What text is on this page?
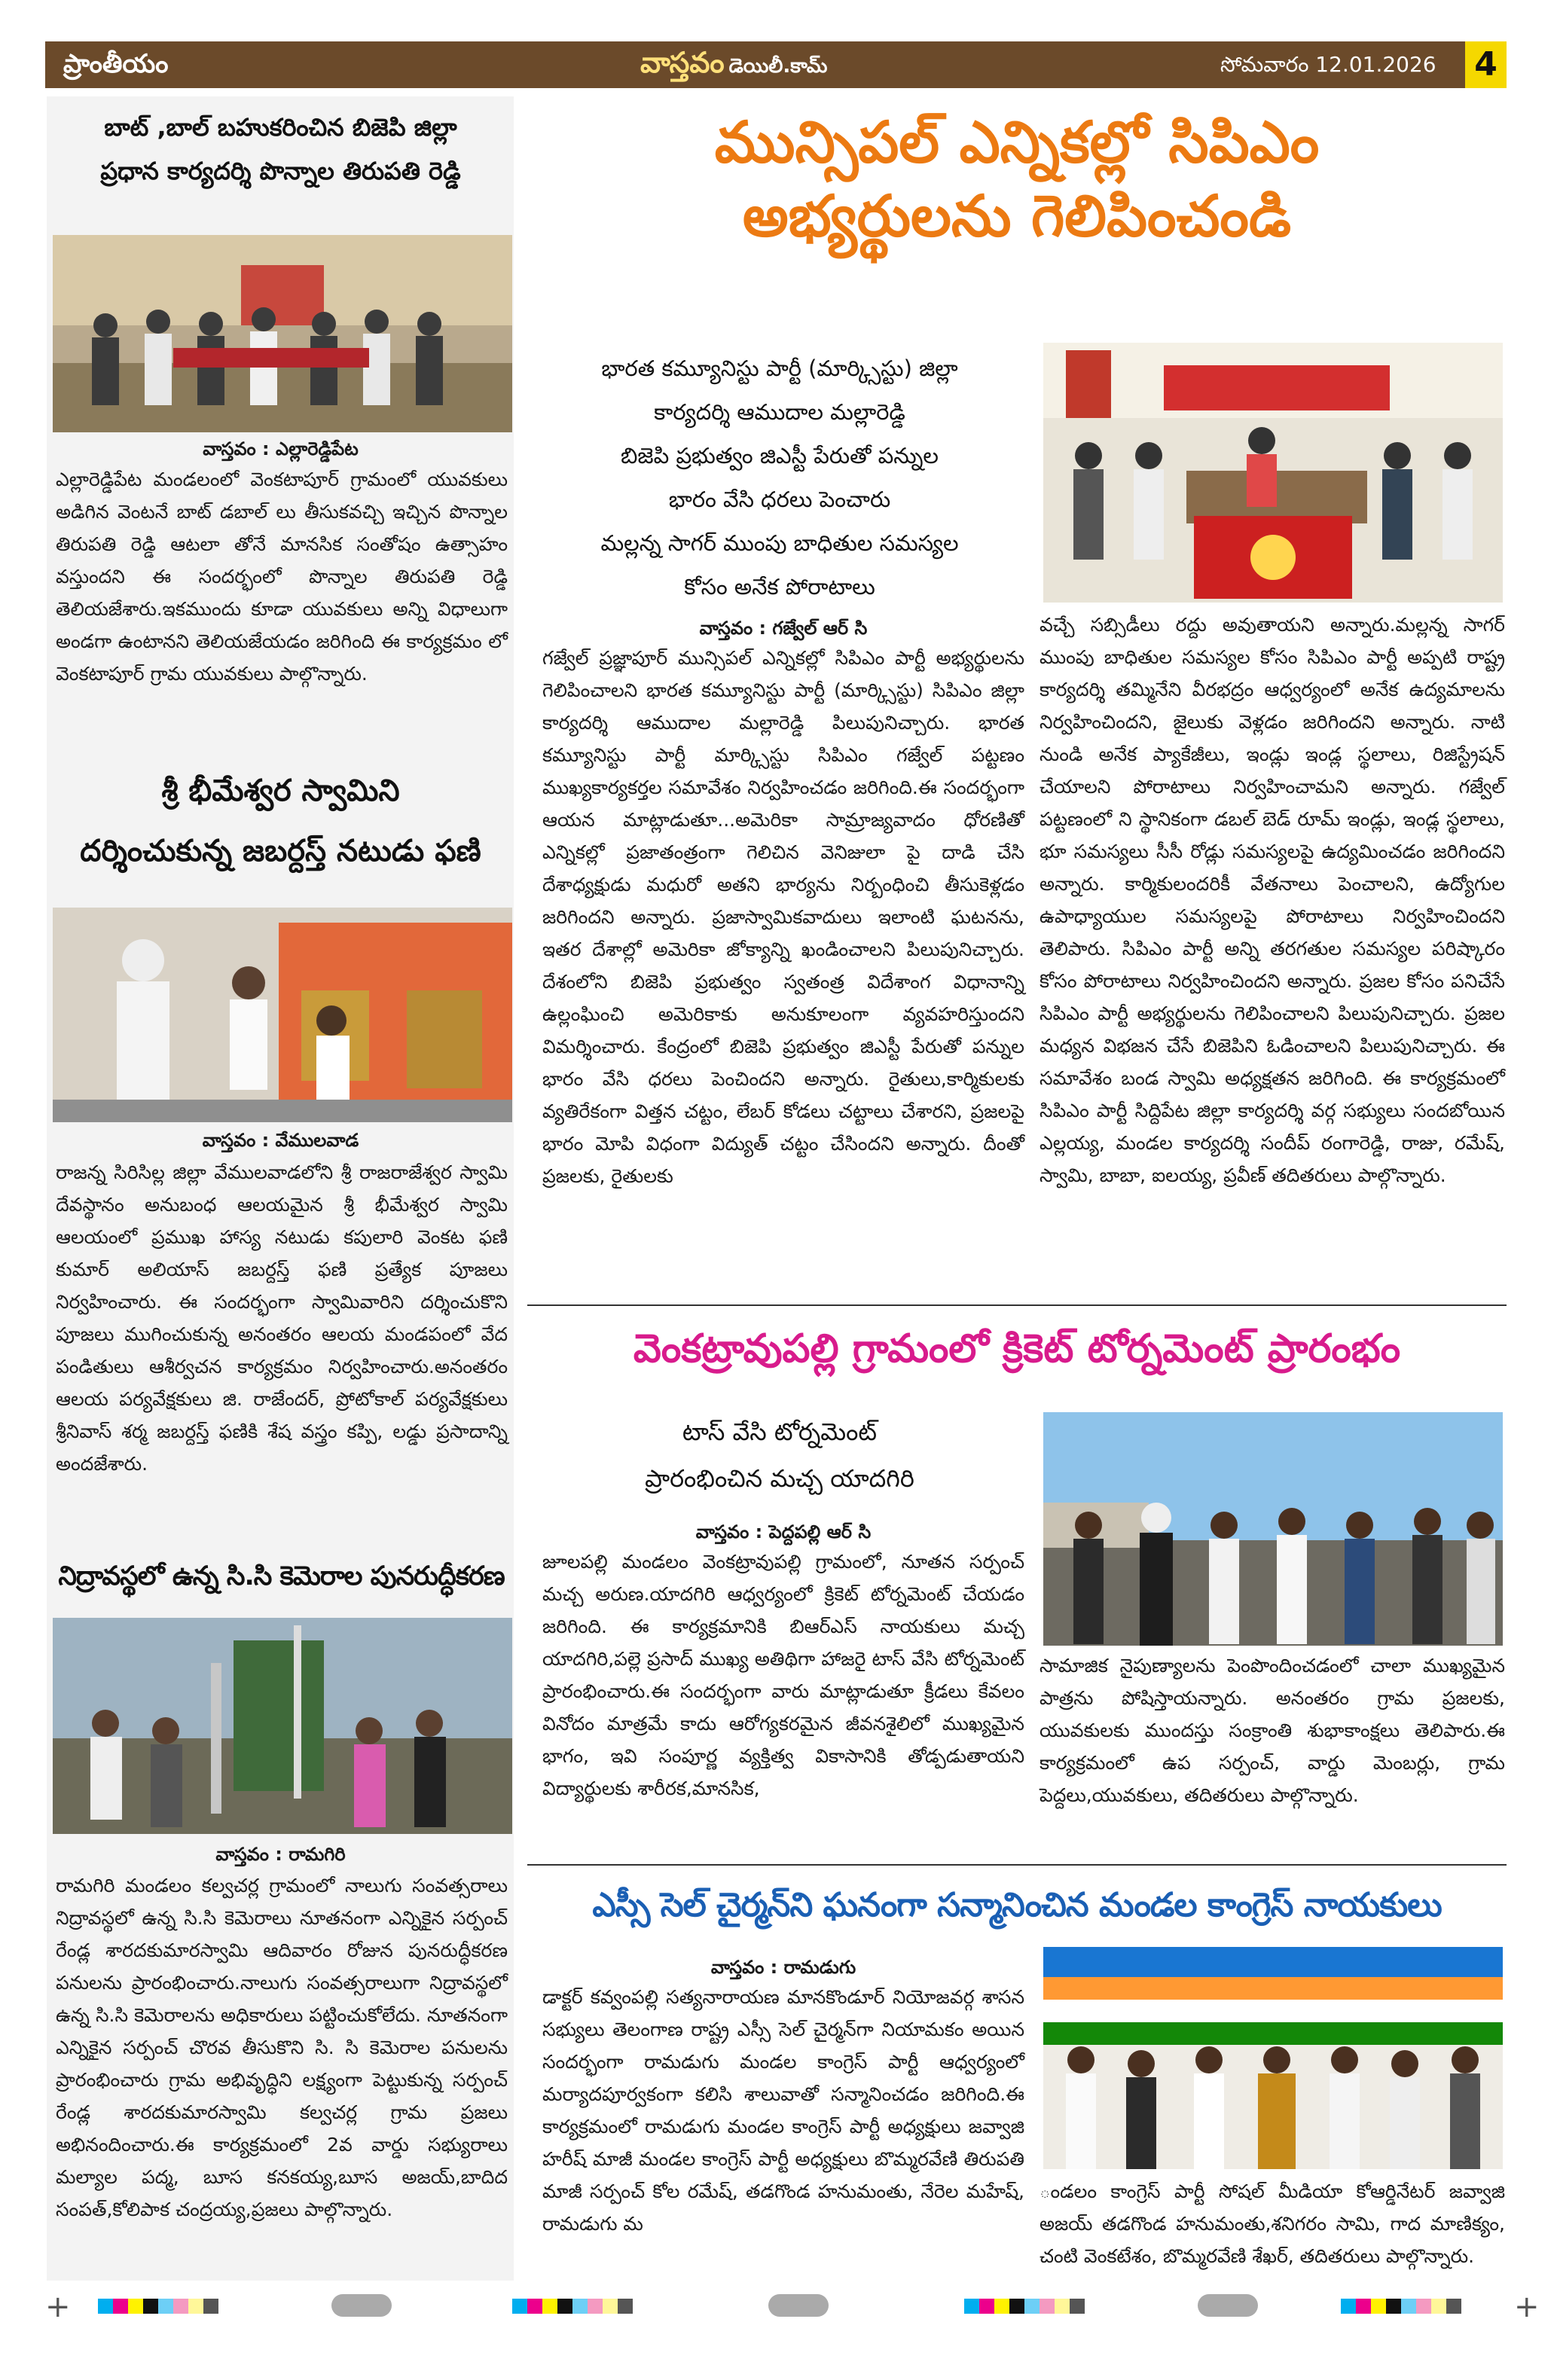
ప్రాంతీయం	వాస్తవం డెయిలీ.కామ్	సోమవారం 12.01.2026 4
బాట్ ,బాల్ బహుకరించిన బిజెపి జిల్లా
ప్రధాన కార్యదర్శి పొన్నాల తిరుపతి రెడ్డి
వాస్తవం : ఎల్లారెడ్డిపేట
ఎల్లారెడ్డిపేట మండలంలో వెంకటాపూర్ గ్రామంలో యువకులు అడిగిన వెంటనే బాట్ డబాల్ లు తీసుకవచ్చి ఇచ్చిన పొన్నాల తిరుపతి రెడ్డి ఆటలా తోనే మానసిక సంతోషం ఉత్సాహం వస్తుందని ఈ సందర్భంలో పొన్నాల తిరుపతి రెడ్డి తెలియజేశారు.ఇకముందు కూడా యువకులు అన్ని విధాలుగా అండగా ఉంటానని తెలియజేయడం జరిగింది ఈ కార్యక్రమం లో వెంకటాపూర్ గ్రామ యువకులు పాల్గొన్నారు.
శ్రీ భీమేశ్వర స్వామిని
దర్శించుకున్న జబర్దస్త్ నటుడు ఫణి
వాస్తవం : వేములవాడ
రాజన్న సిరిసిల్ల జిల్లా వేములవాడలోని శ్రీ రాజరాజేశ్వర స్వామి దేవస్థానం అనుబంధ ఆలయమైన శ్రీ భీమేశ్వర స్వామి ఆలయంలో ప్రముఖ హాస్య నటుడు కపులారి వెంకట ఫణి కుమార్ అలియాస్ జబర్దస్త్ ఫణి ప్రత్యేక పూజలు నిర్వహించారు. ఈ సందర్భంగా స్వామివారిని దర్శించుకొని పూజలు ముగించుకున్న అనంతరం ఆలయ మండపంలో వేద పండితులు ఆశీర్వచన కార్యక్రమం నిర్వహించారు.అనంతరం ఆలయ పర్యవేక్షకులు జి. రాజేందర్, ప్రోటోకాల్ పర్యవేక్షకులు శ్రీనివాస్ శర్మ జబర్దస్త్ ఫణికి శేష వస్త్రం కప్పి, లడ్డు ప్రసాదాన్ని అందజేశారు.
నిద్రావస్థలో ఉన్న సి.సి కెమెరాల పునరుద్ధీకరణ
వాస్తవం : రామగిరి
రామగిరి మండలం కల్వచర్ల గ్రామంలో నాలుగు సంవత్సరాలు నిద్రావస్థలో ఉన్న సి.సి కెమెరాలు నూతనంగా ఎన్నికైన సర్పంచ్ రేండ్ల శారదకుమారస్వామి ఆదివారం రోజున పునరుద్ధీకరణ పనులను ప్రారంభించారు.నాలుగు సంవత్సరాలుగా నిద్రావస్థలో ఉన్న సి.సి కెమెరాలను అధికారులు పట్టించుకోలేదు. నూతనంగా ఎన్నికైన సర్పంచ్ చొరవ తీసుకొని సి. సి కెమెరాల పనులను ప్రారంభించారు గ్రామ అభివృద్ధిని లక్ష్యంగా పెట్టుకున్న సర్పంచ్ రేండ్ల శారదకుమారస్వామి కల్వచర్ల గ్రామ ప్రజలు అభినందించారు.ఈ కార్యక్రమంలో 2వ వార్డు సభ్యురాలు మల్యాల పద్మ, బూస కనకయ్య,బూస అజయ్,బాదిద సంపత్,కోలిపాక చంద్రయ్య,ప్రజలు పాల్గొన్నారు.
మున్సిపల్ ఎన్నికల్లో సిపిఎం
అభ్యర్థులను గెలిపించండి
భారత కమ్యూనిస్టు పార్టీ (మార్క్సిస్టు) జిల్లా
కార్యదర్శి ఆముదాల మల్లారెడ్డి
బిజెపి ప్రభుత్వం జిఎస్టీ పేరుతో పన్నుల
భారం వేసి ధరలు పెంచారు
మల్లన్న సాగర్ ముంపు బాధితుల సమస్యల
కోసం అనేక పోరాటాలు
వాస్తవం : గజ్వేల్ ఆర్ సి
గజ్వేల్ ప్రజ్ఞాపూర్ మున్సిపల్ ఎన్నికల్లో సిపిఎం పార్టీ అభ్యర్థులను గెలిపించాలని భారత కమ్యూనిస్టు పార్టీ (మార్క్సిస్టు) సిపిఎం జిల్లా కార్యదర్శి ఆముదాల మల్లారెడ్డి పిలుపునిచ్చారు. భారత కమ్యూనిస్టు పార్టీ మార్క్సిస్టు సిపిఎం గజ్వేల్ పట్టణం ముఖ్యకార్యకర్తల సమావేశం నిర్వహించడం జరిగింది.ఈ సందర్భంగా ఆయన మాట్లాడుతూ...అమెరికా సామ్రాజ్యవాదం ధోరణితో ఎన్నికల్లో ప్రజాతంత్రంగా గెలిచిన వెనిజులా పై దాడి చేసి దేశాధ్యక్షుడు మధురో అతని భార్యను నిర్బంధించి తీసుకెళ్లడం జరిగిందని అన్నారు. ప్రజాస్వామికవాదులు ఇలాంటి ఘటనను, ఇతర దేశాల్లో అమెరికా జోక్యాన్ని ఖండించాలని పిలుపునిచ్చారు. దేశంలోని బిజెపి ప్రభుత్వం స్వతంత్ర విదేశాంగ విధానాన్ని ఉల్లంఘించి అమెరికాకు అనుకూలంగా వ్యవహరిస్తుందని విమర్శించారు. కేంద్రంలో బిజెపి ప్రభుత్వం జిఎస్టీ పేరుతో పన్నుల భారం వేసి ధరలు పెంచిందని అన్నారు. రైతులు,కార్మికులకు వ్యతిరేకంగా విత్తన చట్టం, లేబర్ కోడలు చట్టాలు చేశారని, ప్రజలపై భారం మోపి విధంగా విద్యుత్ చట్టం చేసిందని అన్నారు. దీంతో ప్రజలకు, రైతులకు
వచ్చే సబ్సిడీలు రద్దు అవుతాయని అన్నారు.మల్లన్న సాగర్ ముంపు బాధితుల సమస్యల కోసం సిపిఎం పార్టీ అప్పటి రాష్ట్ర కార్యదర్శి తమ్మినేని వీరభద్రం ఆధ్వర్యంలో అనేక ఉద్యమాలను నిర్వహించిందని, జైలుకు వెళ్లడం జరిగిందని అన్నారు. నాటి నుండి అనేక ప్యాకేజీలు, ఇండ్లు ఇండ్ల స్థలాలు, రిజిస్ట్రేషన్ చేయాలని పోరాటాలు నిర్వహించామని అన్నారు. గజ్వేల్ పట్టణంలో ని స్థానికంగా డబల్ బెడ్ రూమ్ ఇండ్లు, ఇండ్ల స్థలాలు, భూ సమస్యలు సీసీ రోడ్లు సమస్యలపై ఉద్యమించడం జరిగిందని అన్నారు. కార్మికులందరికీ వేతనాలు పెంచాలని, ఉద్యోగుల ఉపాధ్యాయుల సమస్యలపై పోరాటాలు నిర్వహించిందని తెలిపారు. సిపిఎం పార్టీ అన్ని తరగతుల సమస్యల పరిష్కారం కోసం పోరాటాలు నిర్వహించిందని అన్నారు. ప్రజల కోసం పనిచేసే సిపిఎం పార్టీ అభ్యర్థులను గెలిపించాలని పిలుపునిచ్చారు. ప్రజల మధ్యన విభజన చేసే బిజెపిని ఓడించాలని పిలుపునిచ్చారు. ఈ సమావేశం బండ స్వామి అధ్యక్షతన జరిగింది. ఈ కార్యక్రమంలో సిపిఎం పార్టీ సిద్దిపేట జిల్లా కార్యదర్శి వర్గ సభ్యులు సందబోయిన ఎల్లయ్య, మండల కార్యదర్శి సందీప్ రంగారెడ్డి, రాజు, రమేష్, స్వామి, బాబా, ఐలయ్య, ప్రవీణ్ తదితరులు పాల్గొన్నారు.
వెంకట్రావుపల్లి గ్రామంలో క్రికెట్ టోర్నమెంట్ ప్రారంభం
టాస్ వేసి టోర్నమెంట్
ప్రారంభించిన మచ్చ యాదగిరి
వాస్తవం : పెద్దపల్లి ఆర్ సి
జూలపల్లి మండలం వెంకట్రావుపల్లి గ్రామంలో, నూతన సర్పంచ్ మచ్చ అరుణ.యాదగిరి ఆధ్వర్యంలో క్రికెట్ టోర్నమెంట్ చేయడం జరిగింది. ఈ కార్యక్రమానికి బిఆర్ఎస్ నాయకులు మచ్చ యాదగిరి,పల్లె ప్రసాద్ ముఖ్య అతిథిగా హాజరై టాస్ వేసి టోర్నమెంట్ ప్రారంభించారు.ఈ సందర్భంగా వారు మాట్లాడుతూ క్రీడలు కేవలం వినోదం మాత్రమే కాదు ఆరోగ్యకరమైన జీవనశైలిలో ముఖ్యమైన భాగం, ఇవి సంపూర్ణ వ్యక్తిత్వ వికాసానికి తోడ్పడుతాయని విద్యార్థులకు శారీరక,మానసిక,
సామాజిక నైపుణ్యాలను పెంపొందించడంలో చాలా ముఖ్యమైన పాత్రను పోషిస్తాయన్నారు. అనంతరం గ్రామ ప్రజలకు, యువకులకు ముందస్తు సంక్రాంతి శుభాకాంక్షలు తెలిపారు.ఈ కార్యక్రమంలో ఉప సర్పంచ్, వార్డు మెంబర్లు, గ్రామ పెద్దలు,యువకులు, తదితరులు పాల్గొన్నారు.
ఎస్సీ సెల్ చైర్మన్‌ని ఘనంగా సన్మానించిన మండల కాంగ్రెస్ నాయకులు
వాస్తవం : రామడుగు
డాక్టర్ కవ్వంపల్లి సత్యనారాయణ మానకొండూర్ నియోజవర్గ శాసన సభ్యులు తెలంగాణ రాష్ట్ర ఎస్సీ సెల్ చైర్మన్‌గా నియామకం అయిన సందర్భంగా రామడుగు మండల కాంగ్రెస్ పార్టీ ఆధ్వర్యంలో మర్యాదపూర్వకంగా కలిసి శాలువాతో సన్మానించడం జరిగింది.ఈ కార్యక్రమంలో రామడుగు మండల కాంగ్రెస్ పార్టీ అధ్యక్షులు జవ్వాజి హరీష్ మాజీ మండల కాంగ్రెస్ పార్టీ అధ్యక్షులు బొమ్మరవేణి తిరుపతి మాజీ సర్పంచ్ కోల రమేష్, తడగొండ హనుమంతు, నేరెల మహేష్, రామడుగు మ
ండలం కాంగ్రెస్ పార్టీ సోషల్ మీడియా కోఆర్డినేటర్ జవ్వాజి అజయ్ తడగొండ హనుమంతు,శనిగరం సామి, గాద మాణిక్యం, చంటి వెంకటేశం, బొమ్మరవేణి శేఖర్, తదితరులు పాల్గొన్నారు.
+	+
